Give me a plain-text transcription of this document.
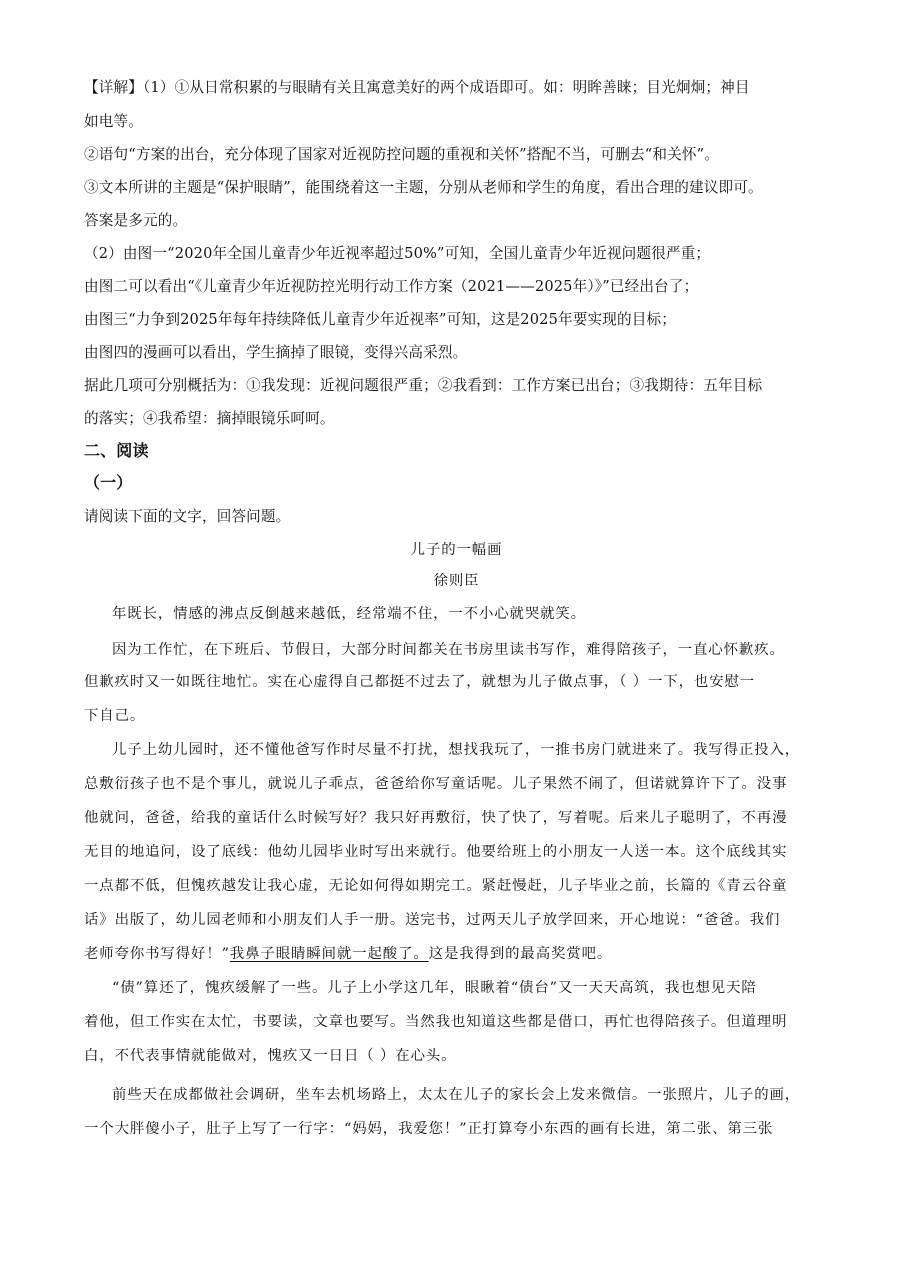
【详解】（1）①从日常积累的与眼睛有关且寓意美好的两个成语即可。如：明眸善睐；目光炯炯；神目
如电等。
②语句“方案的出台，充分体现了国家对近视防控问题的重视和关怀”搭配不当，可删去“和关怀”。
③文本所讲的主题是“保护眼睛”，能围绕着这一主题，分别从老师和学生的角度，看出合理的建议即可。
答案是多元的。
（2）由图一“2020年全国儿童青少年近视率超过50%”可知，全国儿童青少年近视问题很严重；
由图二可以看出“《儿童青少年近视防控光明行动工作方案（2021——2025年）》”已经出台了；
由图三“力争到2025年每年持续降低儿童青少年近视率”可知，这是2025年要实现的目标；
由图四的漫画可以看出，学生摘掉了眼镜，变得兴高采烈。
据此几项可分别概括为：①我发现：近视问题很严重；②我看到：工作方案已出台；③我期待：五年目标
的落实；④我希望：摘掉眼镜乐呵呵。
二、阅读
（一）
请阅读下面的文字，回答问题。
儿子的一幅画
徐则臣
年既长，情感的沸点反倒越来越低，经常端不住，一不小心就哭就笑。
因为工作忙，在下班后、节假日，大部分时间都关在书房里读书写作，难得陪孩子，一直心怀歉疚。
但歉疚时又一如既往地忙。实在心虚得自己都挺不过去了，就想为儿子做点事，（ ）一下，也安慰一
下自己。
儿子上幼儿园时，还不懂他爸写作时尽量不打扰，想找我玩了，一推书房门就进来了。我写得正投入，
总敷衍孩子也不是个事儿，就说儿子乖点，爸爸给你写童话呢。儿子果然不闹了，但诺就算许下了。没事
他就问，爸爸，给我的童话什么时候写好？我只好再敷衍，快了快了，写着呢。后来儿子聪明了，不再漫
无目的地追问，设了底线：他幼儿园毕业时写出来就行。他要给班上的小朋友一人送一本。这个底线其实
一点都不低，但愧疚越发让我心虚，无论如何得如期完工。紧赶慢赶，儿子毕业之前，长篇的《青云谷童
话》出版了，幼儿园老师和小朋友们人手一册。送完书，过两天儿子放学回来，开心地说：“爸爸。我们
老师夸你书写得好！”我鼻子眼睛瞬间就一起酸了。这是我得到的最高奖赏吧。
“债”算还了，愧疚缓解了一些。儿子上小学这几年，眼瞅着“债台”又一天天高筑，我也想见天陪
着他，但工作实在太忙，书要读，文章也要写。当然我也知道这些都是借口，再忙也得陪孩子。但道理明
白，不代表事情就能做对，愧疚又一日日（ ）在心头。
前些天在成都做社会调研，坐车去机场路上，太太在儿子的家长会上发来微信。一张照片，儿子的画，
一个大胖傻小子，肚子上写了一行字：“妈妈，我爱您！”正打算夸小东西的画有长进，第二张、第三张
